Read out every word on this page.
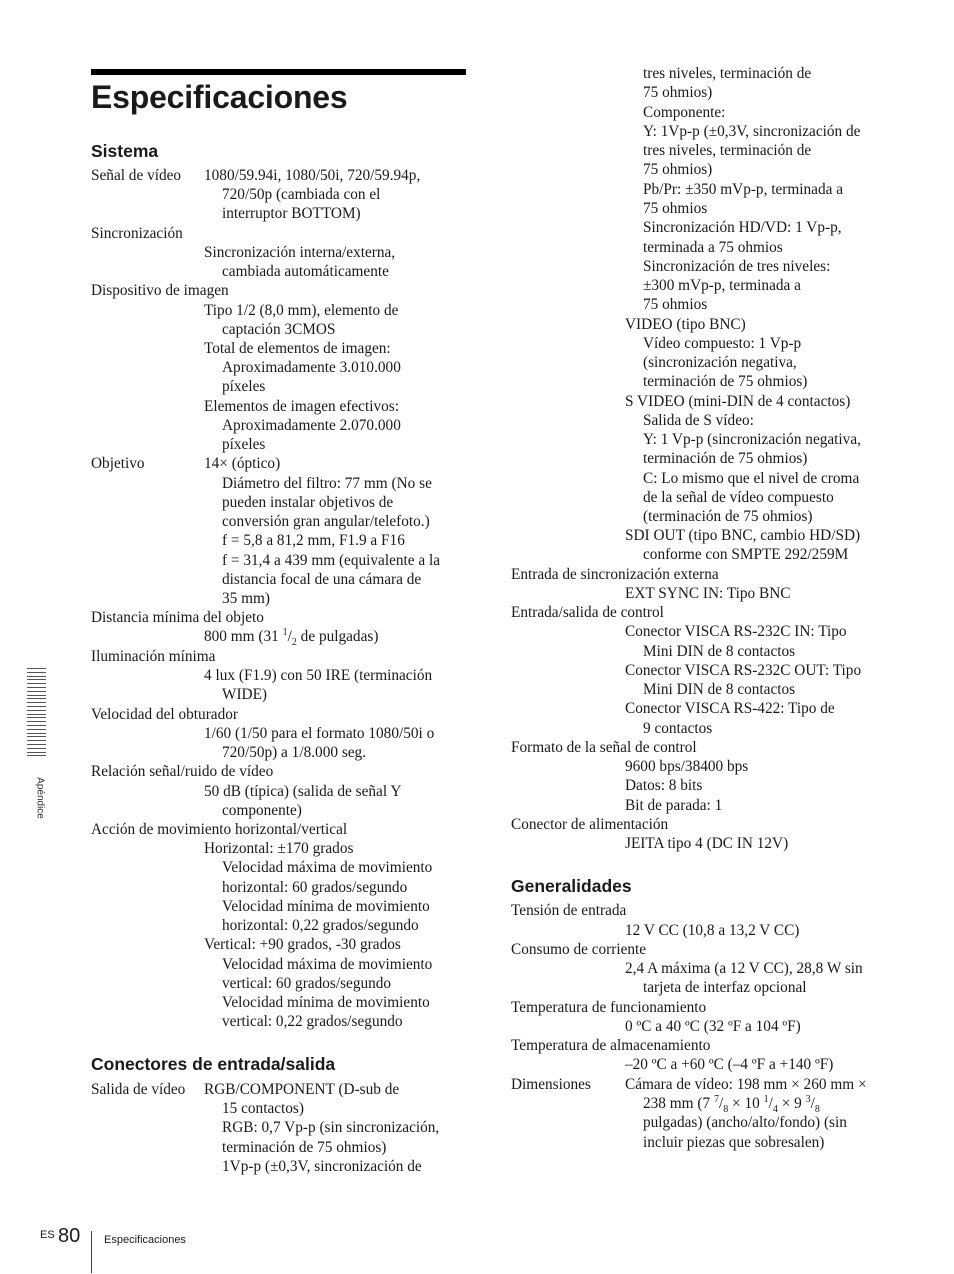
Especificaciones
Sistema
Señal de vídeo 1080/59.94i, 1080/50i, 720/59.94p,
720/50p (cambiada con el
interruptor BOTTOM)
Sincronización
Sincronización interna/externa,
cambiada automáticamente
Dispositivo de imagen
Tipo 1/2 (8,0 mm), elemento de
captación 3CMOS
Total de elementos de imagen:
Aproximadamente 3.010.000
píxeles
Elementos de imagen efectivos:
Aproximadamente 2.070.000
píxeles
Objetivo	14× (óptico)
Diámetro del filtro: 77 mm (No se
pueden instalar objetivos de
conversión gran angular/telefoto.)
f = 5,8 a 81,2 mm, F1.9 a F16
f = 31,4 a 439 mm (equivalente a la
distancia focal de una cámara de
35 mm)
Distancia mínima del objeto
800 mm (31 $^1/_2$ de pulgadas)
Iluminación mínima
4 lux (F1.9) con 50 IRE (terminación
WIDE)
Velocidad del obturador
1/60 (1/50 para el formato 1080/50i o
720/50p) a 1/8.000 seg.
Relación señal/ruido de vídeo
50 dB (típica) (salida de señal Y
componente)
Acción de movimiento horizontal/vertical
Horizontal: ±170 grados
Velocidad máxima de movimiento
horizontal: 60 grados/segundo
Velocidad mínima de movimiento
horizontal: 0,22 grados/segundo
Vertical: +90 grados, -30 grados
Velocidad máxima de movimiento
vertical: 60 grados/segundo
Velocidad mínima de movimiento
vertical: 0,22 grados/segundo
Conectores de entrada/salida
Salida de vídeo RGB/COMPONENT (D-sub de
15 contactos)
RGB: 0,7 Vp-p (sin sincronización,
terminación de 75 ohmios)
1Vp-p (±0,3V, sincronización de
tres niveles, terminación de
75 ohmios)
Componente:
Y: 1Vp-p (±0,3V, sincronización de
tres niveles, terminación de
75 ohmios)
Pb/Pr: ±350 mVp-p, terminada a
75 ohmios
Sincronización HD/VD: 1 Vp-p,
terminada a 75 ohmios
Sincronización de tres niveles:
±300 mVp-p, terminada a
75 ohmios
VIDEO (tipo BNC)
Vídeo compuesto: 1 Vp-p
(sincronización negativa,
terminación de 75 ohmios)
S VIDEO (mini-DIN de 4 contactos)
Salida de S vídeo:
Y: 1 Vp-p (sincronización negativa,
terminación de 75 ohmios)
C: Lo mismo que el nivel de croma
de la señal de vídeo compuesto
(terminación de 75 ohmios)
SDI OUT (tipo BNC, cambio HD/SD)
conforme con SMPTE 292/259M
Entrada de sincronización externa
EXT SYNC IN: Tipo BNC
Entrada/salida de control
Conector VISCA RS-232C IN: Tipo
Mini DIN de 8 contactos
Conector VISCA RS-232C OUT: Tipo
Mini DIN de 8 contactos
Conector VISCA RS-422: Tipo de
9 contactos
Formato de la señal de control
9600 bps/38400 bps
Datos: 8 bits
Bit de parada: 1
Conector de alimentación
JEITA tipo 4 (DC IN 12V)
Generalidades
Tensión de entrada
12 V CC (10,8 a 13,2 V CC)
Consumo de corriente
2,4 A máxima (a 12 V CC), 28,8 W sin
tarjeta de interfaz opcional
Temperatura de funcionamiento
0 ºC a 40 ºC (32 ºF a 104 ºF)
Temperatura de almacenamiento
–20 ºC a +60 ºC (–4 ºF a +140 ºF)
Dimensiones Cámara de vídeo: 198 mm × 260 mm ×
238 mm (7 $^7/_8 \times 10$ $^1/_4 \times 9$ $^3/_8$
pulgadas) (ancho/alto/fondo) (sin
incluir piezas que sobresalen)
Apéndice
ES 80 Especificaciones
